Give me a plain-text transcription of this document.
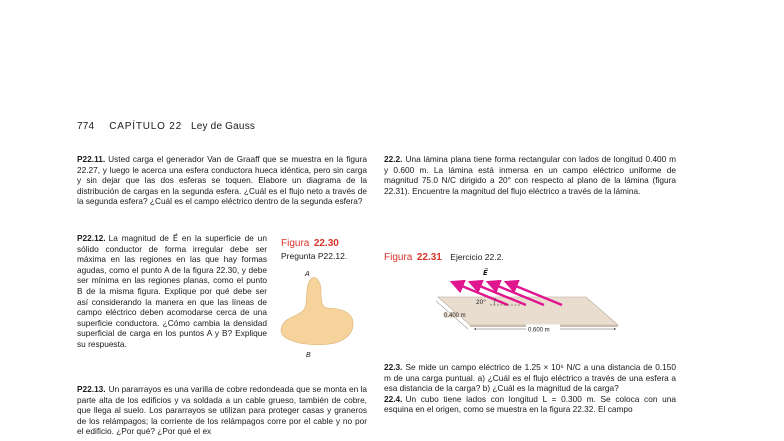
774 CAPÍTULO 22 Ley de Gauss

P22.11. Usted carga el generador Van de Graaff que se muestra en la figura 22.27, y luego le acerca una esfera conductora hueca idéntica, pero sin carga y sin dejar que las dos esferas se toquen. Elabore un diagrama de la distribución de cargas en la segunda esfera. ¿Cuál es el flujo neto a través de la segunda esfera? ¿Cuál es el campo eléctrico dentro de la segunda esfera?

P22.12. La magnitud de E⃗ en la superficie de un sólido conductor de forma irregular debe ser máxima en las regiones en las que hay formas agudas, como el punto A de la figura 22.30, y debe ser mínima en las regiones planas, como el punto B de la misma figura. Explique por qué debe ser así considerando la manera en que las líneas de campo eléctrico deben acomodarse cerca de una superficie conductora. ¿Cómo cambia la densidad superficial de carga en los puntos A y B? Explique su respuesta.

P22.13. Un pararrayos es una varilla de cobre redondeada que se monta en la parte alta de los edificios y va soldada a un cable grueso, también de cobre, que llega al suelo. Los pararrayos se utilizan para proteger casas y graneros de los relámpagos; la corriente de los relámpagos corre por el cable y no por el edificio. ¿Por qué? ¿Por qué el ex

Figura 22.30
Pregunta P22.12.
A
B

22.2. Una lámina plana tiene forma rectangular con lados de longitud 0.400 m y 0.600 m. La lámina está inmersa en un campo eléctrico uniforme de magnitud 75.0 N/C dirigido a 20° con respecto al plano de la lámina (figura 22.31). Encuentre la magnitud del flujo eléctrico a través de la lámina.

Figura 22.31 Ejercicio 22.2.
E⃗
20°
0.400 m
0.600 m

22.3. Se mide un campo eléctrico de 1.25 × 10⁶ N/C a una distancia de 0.150 m de una carga puntual. a) ¿Cuál es el flujo eléctrico a través de una esfera a esa distancia de la carga? b) ¿Cuál es la magnitud de la carga?

22.4. Un cubo tiene lados con longitud L = 0.300 m. Se coloca con una esquina en el origen, como se muestra en la figura 22.32. El campo
